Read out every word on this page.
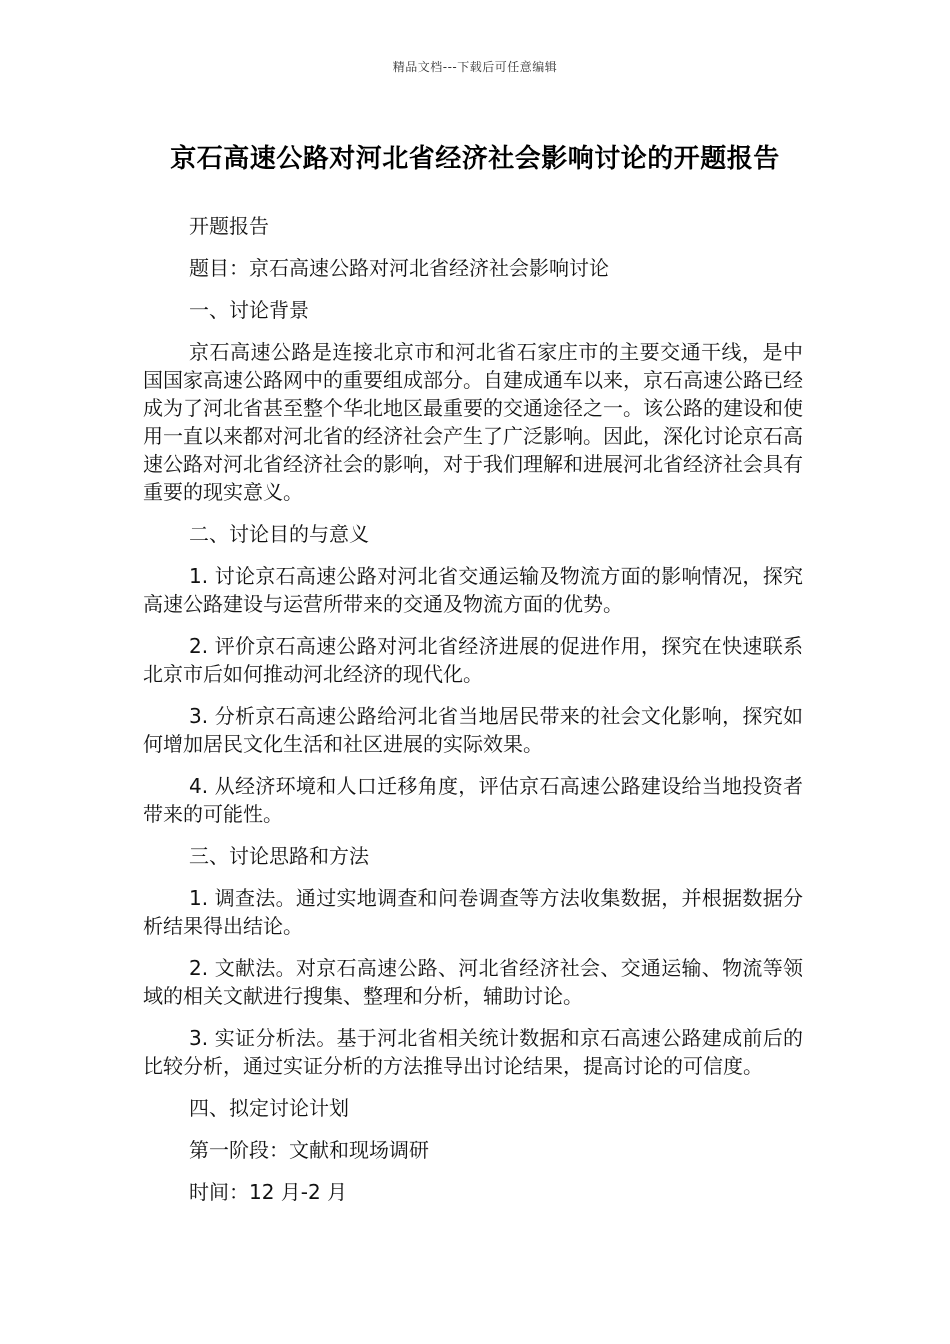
精品文档---下载后可任意编辑
京石高速公路对河北省经济社会影响讨论的开题报告

开题报告

题目：京石高速公路对河北省经济社会影响讨论

一、讨论背景

京石高速公路是连接北京市和河北省石家庄市的主要交通干线，是中国国家高速公路网中的重要组成部分。自建成通车以来，京石高速公路已经成为了河北省甚至整个华北地区最重要的交通途径之一。该公路的建设和使用一直以来都对河北省的经济社会产生了广泛影响。因此，深化讨论京石高速公路对河北省经济社会的影响，对于我们理解和进展河北省经济社会具有重要的现实意义。

二、讨论目的与意义

1. 讨论京石高速公路对河北省交通运输及物流方面的影响情况，探究高速公路建设与运营所带来的交通及物流方面的优势。

2. 评价京石高速公路对河北省经济进展的促进作用，探究在快速联系北京市后如何推动河北经济的现代化。

3. 分析京石高速公路给河北省当地居民带来的社会文化影响，探究如何增加居民文化生活和社区进展的实际效果。

4. 从经济环境和人口迁移角度，评估京石高速公路建设给当地投资者带来的可能性。

三、讨论思路和方法

1. 调查法。通过实地调查和问卷调查等方法收集数据，并根据数据分析结果得出结论。

2. 文献法。对京石高速公路、河北省经济社会、交通运输、物流等领域的相关文献进行搜集、整理和分析，辅助讨论。

3. 实证分析法。基于河北省相关统计数据和京石高速公路建成前后的比较分析，通过实证分析的方法推导出讨论结果，提高讨论的可信度。

四、拟定讨论计划

第一阶段：文献和现场调研

时间：12 月-2 月
